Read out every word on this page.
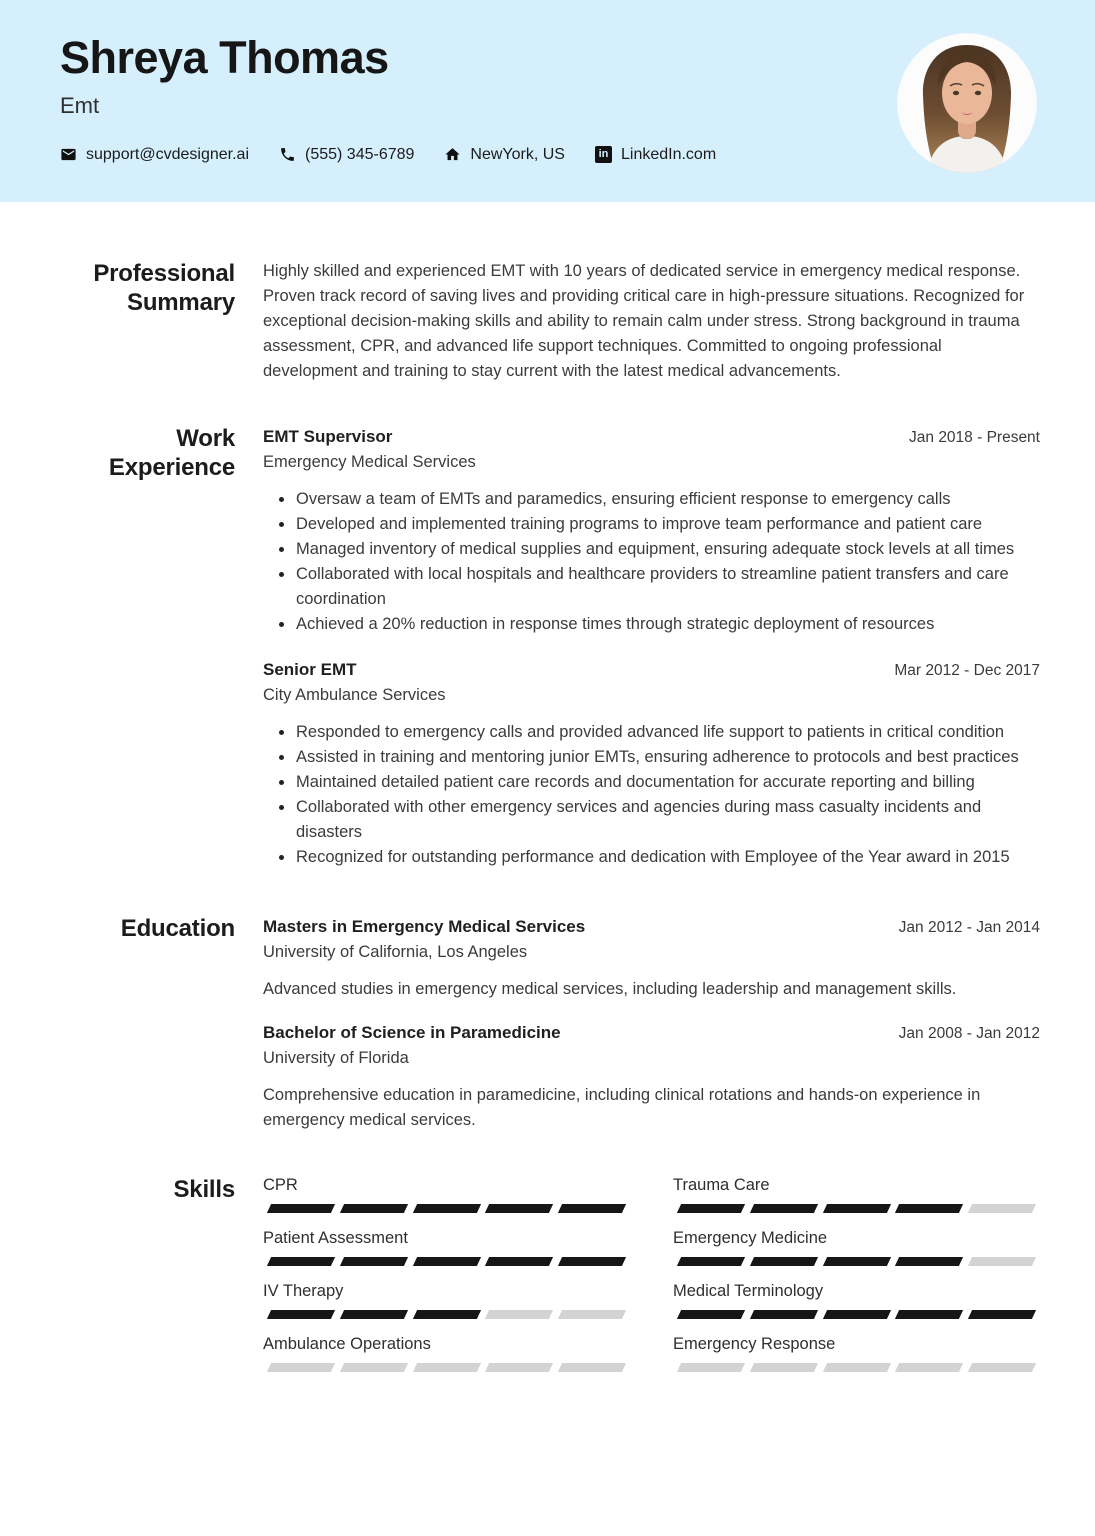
Shreya Thomas
Emt
support@cvdesigner.ai	(555) 345-6789	NewYork, US	in LinkedIn.com
Professional Summary
Highly skilled and experienced EMT with 10 years of dedicated service in emergency medical response. Proven track record of saving lives and providing critical care in high-pressure situations. Recognized for exceptional decision-making skills and ability to remain calm under stress. Strong background in trauma assessment, CPR, and advanced life support techniques. Committed to ongoing professional development and training to stay current with the latest medical advancements.
Work Experience
EMT Supervisor	Jan 2018 - Present
Emergency Medical Services
Oversaw a team of EMTs and paramedics, ensuring efficient response to emergency calls
Developed and implemented training programs to improve team performance and patient care
Managed inventory of medical supplies and equipment, ensuring adequate stock levels at all times
Collaborated with local hospitals and healthcare providers to streamline patient transfers and care coordination
Achieved a 20% reduction in response times through strategic deployment of resources
Senior EMT	Mar 2012 - Dec 2017
City Ambulance Services
Responded to emergency calls and provided advanced life support to patients in critical condition
Assisted in training and mentoring junior EMTs, ensuring adherence to protocols and best practices
Maintained detailed patient care records and documentation for accurate reporting and billing
Collaborated with other emergency services and agencies during mass casualty incidents and disasters
Recognized for outstanding performance and dedication with Employee of the Year award in 2015
Education Masters in Emergency Medical Services	Jan 2012 - Jan 2014
University of California, Los Angeles
Advanced studies in emergency medical services, including leadership and management skills.
Bachelor of Science in Paramedicine	Jan 2008 - Jan 2012
University of Florida
Comprehensive education in paramedicine, including clinical rotations and hands-on experience in emergency medical services.
Skills CPR	Trauma Care
Patient Assessment	Emergency Medicine
IV Therapy	Medical Terminology
Ambulance Operations	Emergency Response
